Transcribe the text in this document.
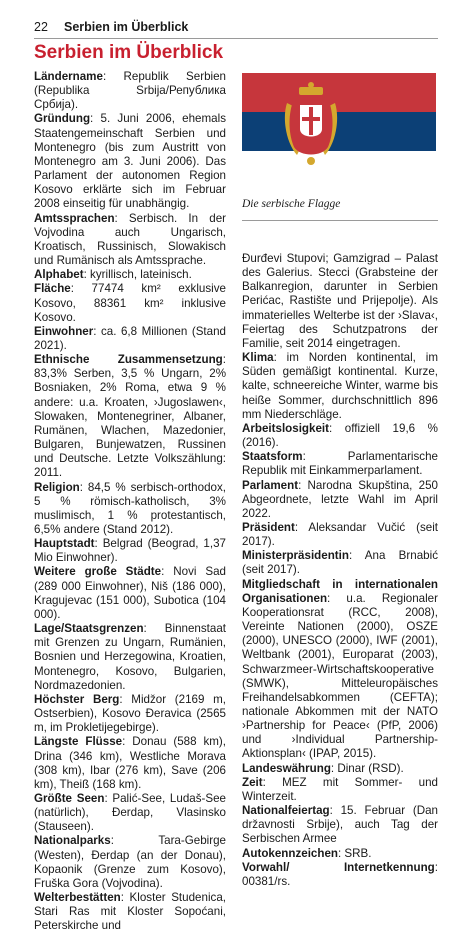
22 Serbien im Überblick
Serbien im Überblick

Ländername: Republik Serbien (Republika Srbija/Република Србија).

Gründung: 5. Juni 2006, ehemals Staatengemeinschaft Serbien und Montenegro (bis zum Austritt von Montenegro am 3. Juni 2006). Das Parlament der autonomen Region Kosovo erklärte sich im Februar 2008 einseitig für unabhängig.

Amtssprachen: Serbisch. In der Vojvodina auch Ungarisch, Kroatisch, Russinisch, Slowakisch und Rumänisch als Amtssprache.

Alphabet: kyrillisch, lateinisch.

Fläche: 77474 km² exklusive Kosovo, 88361 km² inklusive Kosovo.

Einwohner: ca. 6,8 Millionen (Stand 2021).

Ethnische Zusammensetzung: 83,3% Serben, 3,5 % Ungarn, 2% Bosniaken, 2% Roma, etwa 9 % andere: u.a. Kroaten, ›Jugoslawen‹, Slowaken, Montenegriner, Albaner, Rumänen, Wlachen, Mazedonier, Bulgaren, Bunjewatzen, Russinen und Deutsche. Letzte Volkszählung: 2011.

Religion: 84,5 % serbisch-orthodox, 5 % römisch-katholisch, 3% muslimisch, 1 % protestantisch, 6,5% andere (Stand 2012).

Hauptstadt: Belgrad (Beograd, 1,37 Mio Einwohner).

Weitere große Städte: Novi Sad (289 000 Einwohner), Niš (186 000), Kragujevac (151 000), Subotica (104 000).

Lage/Staatsgrenzen: Binnenstaat mit Grenzen zu Ungarn, Rumänien, Bosnien und Herzegowina, Kroatien, Montenegro, Kosovo, Bulgarien, Nordmazedonien.

Höchster Berg: Midžor (2169 m, Ostserbien), Kosovo Đeravica (2565 m, im Prokletijegebirge).

Längste Flüsse: Donau (588 km), Drina (346 km), Westliche Morava (308 km), Ibar (276 km), Save (206 km), Theiß (168 km).

Größte Seen: Palić-See, Ludaš-See (natürlich), Đerdap, Vlasinsko (Stauseen).

Nationalparks: Tara-Gebirge (Westen), Đerdap (an der Donau), Kopaonik (Grenze zum Kosovo), Fruška Gora (Vojvodina).

Welterbestätten: Kloster Studenica, Stari Ras mit Kloster Sopoćani, Peterskirche und

Die serbische Flagge

Đurđevi Stupovi; Gamzigrad – Palast des Galerius. Stecci (Grabsteine der Balkanregion, darunter in Serbien Perićac, Rastište und Prijepolje). Als immaterielles Welterbe ist der ›Slava‹, Feiertag des Schutzpatrons der Familie, seit 2014 eingetragen.

Klima: im Norden kontinental, im Süden gemäßigt kontinental. Kurze, kalte, schneereiche Winter, warme bis heiße Sommer, durchschnittlich 896 mm Niederschläge.

Arbeitslosigkeit: offiziell 19,6 % (2016).

Staatsform: Parlamentarische Republik mit Einkammerparlament.

Parlament: Narodna Skupština, 250 Abgeordnete, letzte Wahl im April 2022.

Präsident: Aleksandar Vučić (seit 2017).

Ministerpräsidentin: Ana Brnabić (seit 2017).

Mitgliedschaft in internationalen Organisationen: u.a. Regionaler Kooperationsrat (RCC, 2008), Vereinte Nationen (2000), OSZE (2000), UNESCO (2000), IWF (2001), Weltbank (2001), Europarat (2003), Schwarzmeer-Wirtschaftskooperative (SMWK), Mitteleuropäisches Freihandelsabkommen (CEFTA); nationale Abkommen mit der NATO ›Partnership for Peace‹ (PfP, 2006) und ›Individual Partnership-Aktionsplan‹ (IPAP, 2015).

Landeswährung: Dinar (RSD).

Zeit: MEZ mit Sommer- und Winterzeit.

Nationalfeiertag: 15. Februar (Dan državnosti Srbije), auch Tag der Serbischen Armee

Autokennzeichen: SRB.

Vorwahl/ Internetkennung: 00381/rs.
